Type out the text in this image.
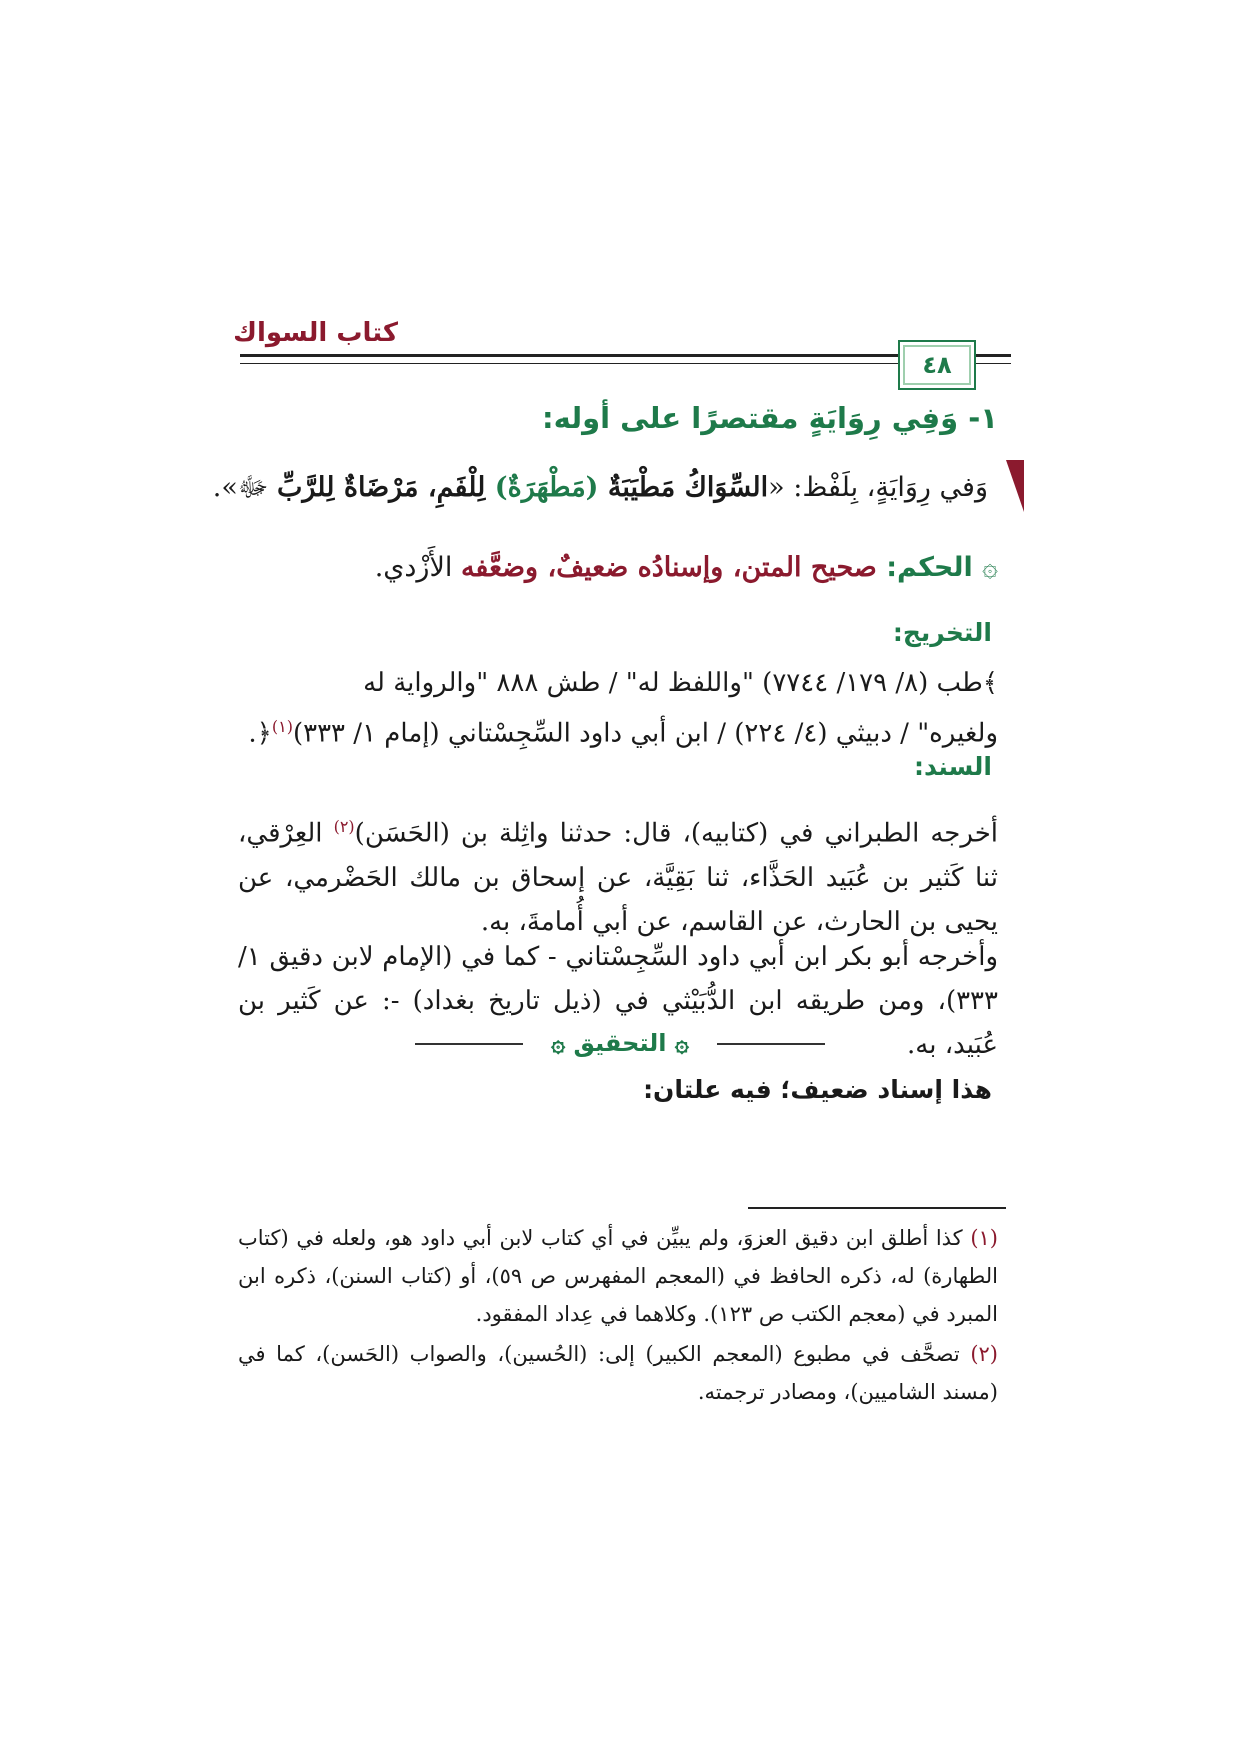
كتاب السواك
٤٨
١- وَفِي رِوَايَةٍ مقتصرًا على أوله:
وَفي رِوَايَةٍ، بِلَفْظ: «السِّوَاكُ مَطْيَبَةٌ (مَطْهَرَةٌ) لِلْفَمِ، مَرْضَاةٌ لِلرَّبِّ ﷻ».
۞ الحكم: صحيح المتن، وإسنادُه ضعيفٌ، وضعَّفه الأَزْدي.
التخريج:
﴾طب (٨/ ١٧٩/ ٧٧٤٤) "واللفظ له" / طش ٨٨٨ "والرواية له
ولغيره" / دبيثي (٤/ ٢٢٤) / ابن أبي داود السِّجِسْتاني (إمام ١/ ٣٣٣)$^{(١)}$﴿.
السند:
أخرجه الطبراني في (كتابيه)، قال: حدثنا واثِلة بن (الحَسَن)$^{(٢)}$ العِرْقي، ثنا كَثير بن عُبَيد الحَذَّاء، ثنا بَقِيَّة، عن إسحاق بن مالك الحَضْرمي، عن يحيى بن الحارث، عن القاسم، عن أبي أُمامةَ، به.
وأخرجه أبو بكر ابن أبي داود السِّجِسْتاني - كما في (الإمام لابن دقيق ١/ ٣٣٣)، ومن طريقه ابن الدُّبَيْثي في (ذيل تاريخ بغداد) -: عن كَثير بن عُبَيد، به.
۞ التحقيق ۞
هذا إسناد ضعيف؛ فيه علتان:
(١) كذا أطلق ابن دقيق العزوَ، ولم يبيِّن في أي كتاب لابن أبي داود هو، ولعله في (كتاب الطهارة) له، ذكره الحافظ في (المعجم المفهرس ص ٥٩)، أو (كتاب السنن)، ذكره ابن المبرد في (معجم الكتب ص ١٢٣). وكلاهما في عِداد المفقود.
(٢) تصحَّف في مطبوع (المعجم الكبير) إلى: (الحُسين)، والصواب (الحَسن)، كما في (مسند الشاميين)، ومصادر ترجمته.
